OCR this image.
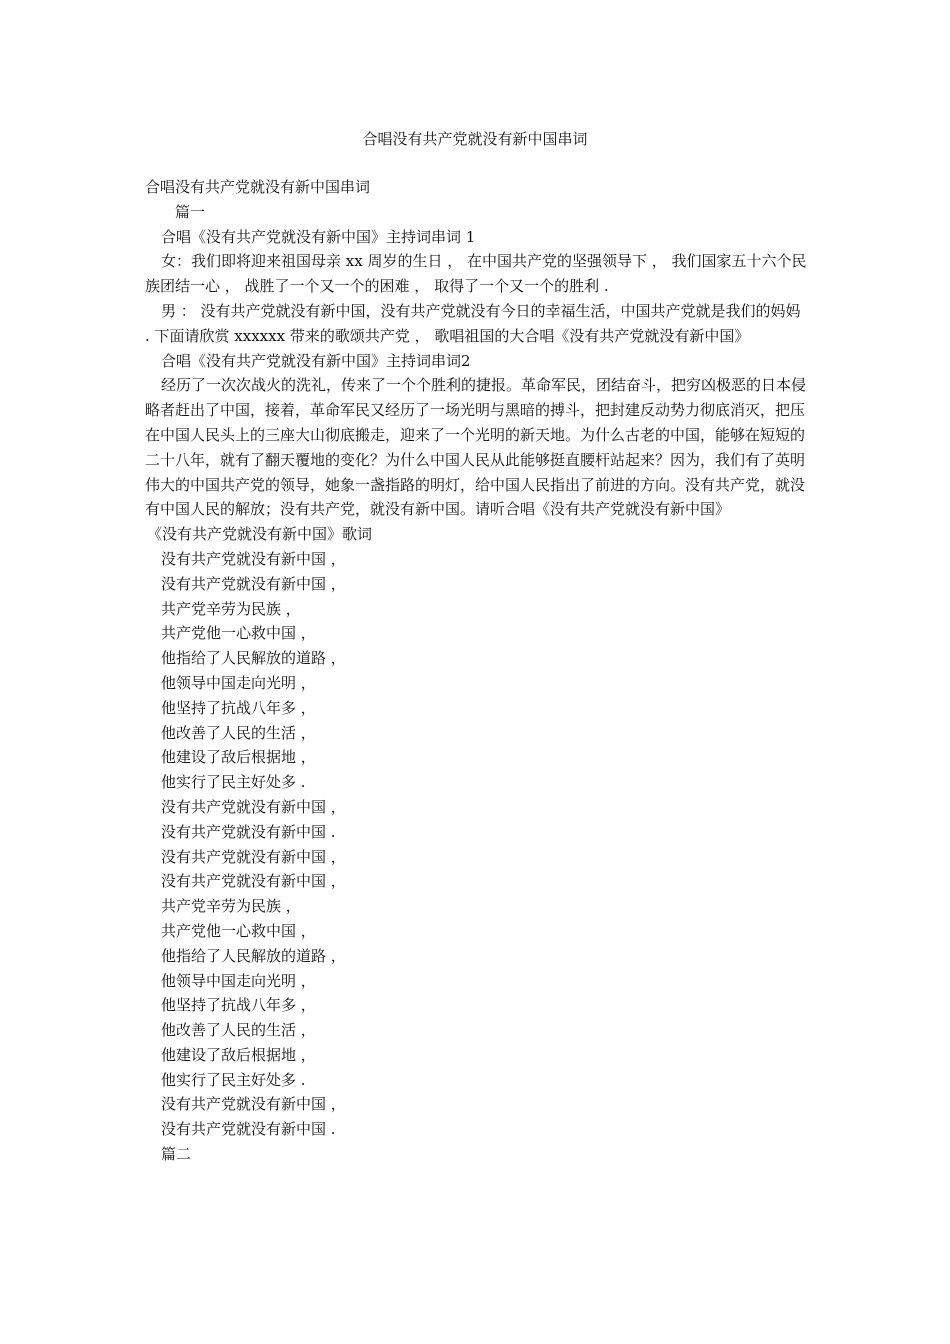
合唱没有共产党就没有新中国串词

合唱没有共产党就没有新中国串词

篇一

合唱《没有共产党就没有新中国》主持词串词 1

女：我们即将迎来祖国母亲 xx 周岁的生日 ， 在中国共产党的坚强领导下 ， 我们国家五十六个民族团结一心 ， 战胜了一个又一个的困难 ， 取得了一个又一个的胜利 .

男 ： 没有共产党就没有新中国，没有共产党就没有今日的幸福生活，中国共产党就是我们的妈妈 . 下面请欣赏 xxxxxx 带来的歌颂共产党 ， 歌唱祖国的大合唱《没有共产党就没有新中国》

合唱《没有共产党就没有新中国》主持词串词2

经历了一次次战火的洗礼，传来了一个个胜利的捷报。革命军民，团结奋斗，把穷凶极恶的日本侵略者赶出了中国，接着，革命军民又经历了一场光明与黑暗的搏斗，把封建反动势力彻底消灭，把压在中国人民头上的三座大山彻底搬走，迎来了一个光明的新天地。为什么古老的中国，能够在短短的二十八年，就有了翻天覆地的变化？为什么中国人民从此能够挺直腰杆站起来？因为，我们有了英明伟大的中国共产党的领导，她象一盏指路的明灯，给中国人民指出了前进的方向。没有共产党，就没有中国人民的解放；没有共产党，就没有新中国。请听合唱《没有共产党就没有新中国》

《没有共产党就没有新中国》歌词

没有共产党就没有新中国 ，
没有共产党就没有新中国 ，
共产党辛劳为民族 ，
共产党他一心救中国 ，
他指给了人民解放的道路 ，
他领导中国走向光明 ，
他坚持了抗战八年多 ，
他改善了人民的生活 ，
他建设了敌后根据地 ，
他实行了民主好处多 .
没有共产党就没有新中国 ，
没有共产党就没有新中国 .
没有共产党就没有新中国 ，
没有共产党就没有新中国 ，
共产党辛劳为民族 ，
共产党他一心救中国 ，
他指给了人民解放的道路 ，
他领导中国走向光明 ，
他坚持了抗战八年多 ，
他改善了人民的生活 ，
他建设了敌后根据地 ，
他实行了民主好处多 .
没有共产党就没有新中国 ，
没有共产党就没有新中国 .

篇二
